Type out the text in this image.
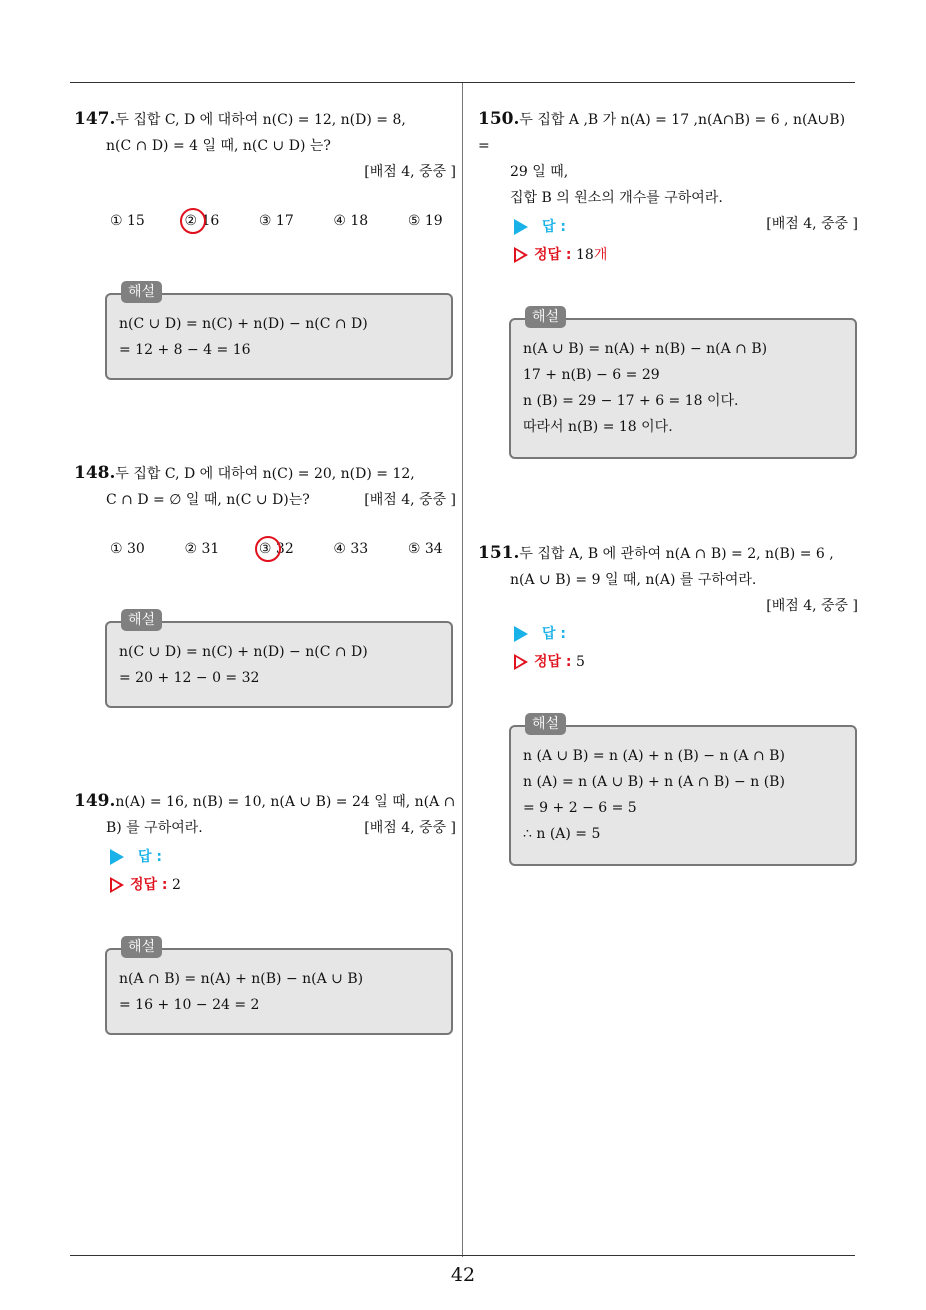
147.두 집합 C, D 에 대하여 n(C) = 12, n(D) = 8,
n(C ∩ D) = 4 일 때, n(C ∪ D) 는?
[배점 4, 중중 ]
① 15	② 16	③ 17	④ 18	⑤ 19
해설
n(C ∪ D) = n(C) + n(D) − n(C ∩ D)
= 12 + 8 − 4 = 16
148.두 집합 C, D 에 대하여 n(C) = 20, n(D) = 12,
C ∩ D = ∅ 일 때, n(C ∪ D)는?	[배점 4, 중중 ]
① 30	② 31	③ 32	④ 33	⑤ 34
해설
n(C ∪ D) = n(C) + n(D) − n(C ∩ D)
= 20 + 12 − 0 = 32
149.n(A) = 16, n(B) = 10, n(A ∪ B) = 24 일 때, n(A ∩
B) 를 구하여라.	[배점 4, 중중 ]
답 :
정답 : 2
해설
n(A ∩ B) = n(A) + n(B) − n(A ∪ B)
= 16 + 10 − 24 = 2
150.두 집합 A ,B 가 n(A) = 17 ,n(A∩B) = 6 , n(A∪B) =
29 일 때,
집합 B 의 원소의 개수를 구하여라.
[배점 4, 중중 ]
답 :
정답 : 18개
해설
n(A ∪ B) = n(A) + n(B) − n(A ∩ B)
17 + n(B) − 6 = 29
n (B) = 29 − 17 + 6 = 18 이다.
따라서 n(B) = 18 이다.
151.두 집합 A, B 에 관하여 n(A ∩ B) = 2, n(B) = 6 ,
n(A ∪ B) = 9 일 때, n(A) 를 구하여라.
[배점 4, 중중 ]
답 :
정답 : 5
해설
n (A ∪ B) = n (A) + n (B) − n (A ∩ B)
n (A) = n (A ∪ B) + n (A ∩ B) − n (B)
= 9 + 2 − 6 = 5
∴ n (A) = 5
42
